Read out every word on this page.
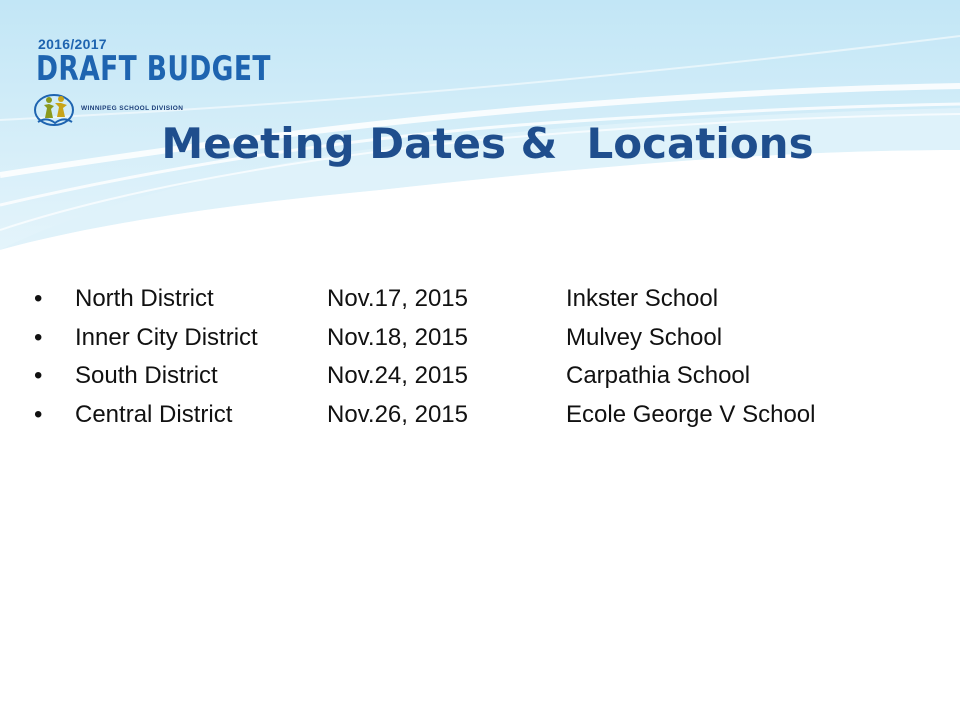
2016/2017
DRAFT BUDGET
WINNIPEG SCHOOL DIVISION
Meeting Dates &  Locations
•	North District	Nov.17, 2015	Inkster School
•	Inner City District	Nov.18, 2015	Mulvey School
•	South District	Nov.24, 2015	Carpathia School
•	Central District	Nov.26, 2015	Ecole George V School
